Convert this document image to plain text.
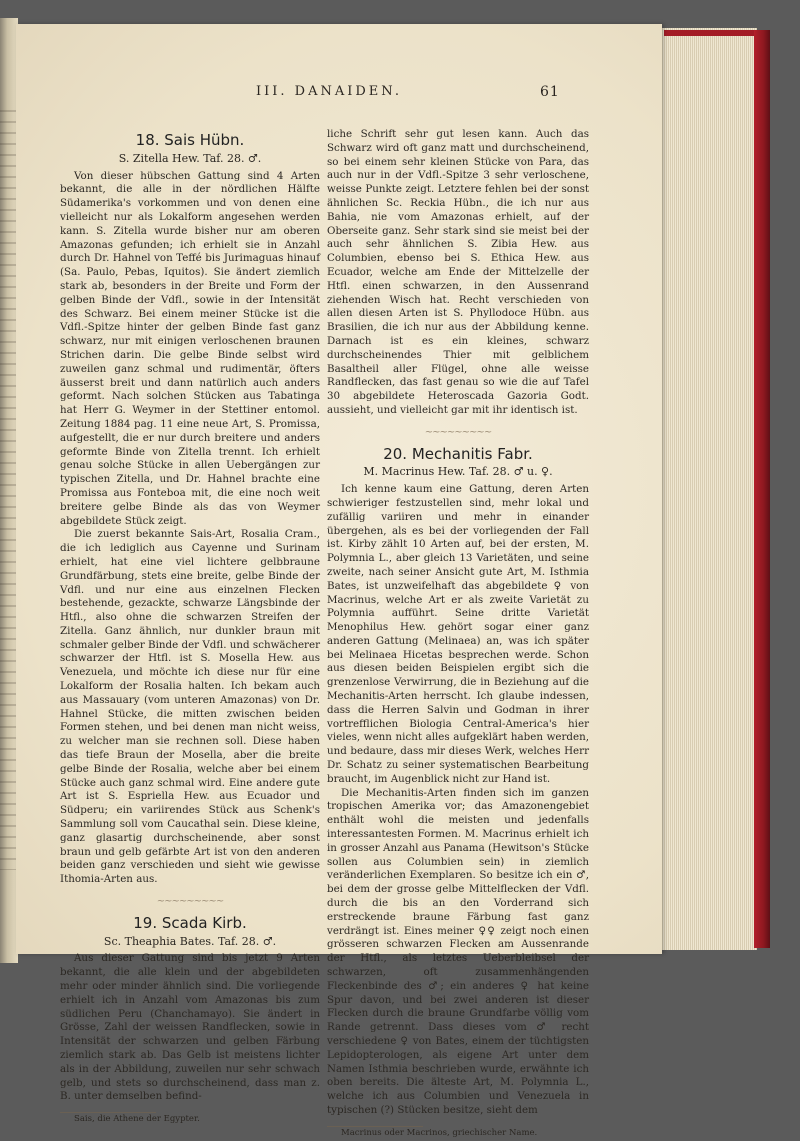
III. DANAIDEN.	61
18. Sais Hübn.
S. Zitella Hew. Taf. 28. ♂.

Von dieser hübschen Gattung sind 4 Arten bekannt, die alle in der nördlichen Hälfte Südamerika's vorkommen und von denen eine vielleicht nur als Lokalform angesehen werden kann. S. Zitella wurde bisher nur am oberen Amazonas gefunden; ich erhielt sie in Anzahl durch Dr. Hahnel von Teffé bis Jurimaguas hinauf (Sa. Paulo, Pebas, Iquitos). Sie ändert ziemlich stark ab, besonders in der Breite und Form der gelben Binde der Vdfl., sowie in der Intensität des Schwarz. Bei einem meiner Stücke ist die Vdfl.-Spitze hinter der gelben Binde fast ganz schwarz, nur mit einigen verloschenen braunen Strichen darin. Die gelbe Binde selbst wird zuweilen ganz schmal und rudimentär, öfters äusserst breit und dann natürlich auch anders geformt. Nach solchen Stücken aus Tabatinga hat Herr G. Weymer in der Stettiner entomol. Zeitung 1884 pag. 11 eine neue Art, S. Promissa, aufgestellt, die er nur durch breitere und anders geformte Binde von Zitella trennt. Ich erhielt genau solche Stücke in allen Uebergängen zur typischen Zitella, und Dr. Hahnel brachte eine Promissa aus Fonteboa mit, die eine noch weit breitere gelbe Binde als das von Weymer abgebildete Stück zeigt.

Die zuerst bekannte Sais-Art, Rosalia Cram., die ich lediglich aus Cayenne und Surinam erhielt, hat eine viel lichtere gelbbraune Grundfärbung, stets eine breite, gelbe Binde der Vdfl. und nur eine aus einzelnen Flecken bestehende, gezackte, schwarze Längsbinde der Htfl., also ohne die schwarzen Streifen der Zitella. Ganz ähnlich, nur dunkler braun mit schmaler gelber Binde der Vdfl. und schwächerer schwarzer der Htfl. ist S. Mosella Hew. aus Venezuela, und möchte ich diese nur für eine Lokalform der Rosalia halten. Ich bekam auch aus Massauary (vom unteren Amazonas) von Dr. Hahnel Stücke, die mitten zwischen beiden Formen stehen, und bei denen man nicht weiss, zu welcher man sie rechnen soll. Diese haben das tiefe Braun der Mosella, aber die breite gelbe Binde der Rosalia, welche aber bei einem Stücke auch ganz schmal wird. Eine andere gute Art ist S. Espriella Hew. aus Ecuador und Südperu; ein variirendes Stück aus Schenk's Sammlung soll vom Caucathal sein. Diese kleine, ganz glasartig durchscheinende, aber sonst braun und gelb gefärbte Art ist von den anderen beiden ganz verschieden und sieht wie gewisse Ithomia-Arten aus.

~~~~~~~~~
19. Scada Kirb.
Sc. Theaphia Bates. Taf. 28. ♂.

Aus dieser Gattung sind bis jetzt 9 Arten bekannt, die alle klein und der abgebildeten mehr oder minder ähnlich sind. Die vorliegende erhielt ich in Anzahl vom Amazonas bis zum südlichen Peru (Chanchamayo). Sie ändert in Grösse, Zahl der weissen Randflecken, sowie in Intensität der schwarzen und gelben Färbung ziemlich stark ab. Das Gelb ist meistens lichter als in der Abbildung, zuweilen nur sehr schwach gelb, und stets so durchscheinend, dass man z. B. unter demselben befind-

Sais, die Athene der Egypter.

liche Schrift sehr gut lesen kann. Auch das Schwarz wird oft ganz matt und durchscheinend, so bei einem sehr kleinen Stücke von Para, das auch nur in der Vdfl.-Spitze 3 sehr verloschene, weisse Punkte zeigt. Letztere fehlen bei der sonst ähnlichen Sc. Reckia Hübn., die ich nur aus Bahia, nie vom Amazonas erhielt, auf der Oberseite ganz. Sehr stark sind sie meist bei der auch sehr ähnlichen S. Zibia Hew. aus Columbien, ebenso bei S. Ethica Hew. aus Ecuador, welche am Ende der Mittelzelle der Htfl. einen schwarzen, in den Aussenrand ziehenden Wisch hat. Recht verschieden von allen diesen Arten ist S. Phyllodoce Hübn. aus Brasilien, die ich nur aus der Abbildung kenne. Darnach ist es ein kleines, schwarz durchscheinendes Thier mit gelblichem Basaltheil aller Flügel, ohne alle weisse Randflecken, das fast genau so wie die auf Tafel 30 abgebildete Heteroscada Gazoria Godt. aussieht, und vielleicht gar mit ihr identisch ist.

~~~~~~~~~
20. Mechanitis Fabr.
M. Macrinus Hew. Taf. 28. ♂ u. ♀.

Ich kenne kaum eine Gattung, deren Arten schwieriger festzustellen sind, mehr lokal und zufällig variiren und mehr in einander übergehen, als es bei der vorliegenden der Fall ist. Kirby zählt 10 Arten auf, bei der ersten, M. Polymnia L., aber gleich 13 Varietäten, und seine zweite, nach seiner Ansicht gute Art, M. Isthmia Bates, ist unzweifelhaft das abgebildete ♀ von Macrinus, welche Art er als zweite Varietät zu Polymnia aufführt. Seine dritte Varietät Menophilus Hew. gehört sogar einer ganz anderen Gattung (Melinaea) an, was ich später bei Melinaea Hicetas besprechen werde. Schon aus diesen beiden Beispielen ergibt sich die grenzenlose Verwirrung, die in Beziehung auf die Mechanitis-Arten herrscht. Ich glaube indessen, dass die Herren Salvin und Godman in ihrer vortrefflichen Biologia Central-America's hier vieles, wenn nicht alles aufgeklärt haben werden, und bedaure, dass mir dieses Werk, welches Herr Dr. Schatz zu seiner systematischen Bearbeitung braucht, im Augenblick nicht zur Hand ist.

Die Mechanitis-Arten finden sich im ganzen tropischen Amerika vor; das Amazonengebiet enthält wohl die meisten und jedenfalls interessantesten Formen. M. Macrinus erhielt ich in grosser Anzahl aus Panama (Hewitson's Stücke sollen aus Columbien sein) in ziemlich veränderlichen Exemplaren. So besitze ich ein ♂, bei dem der grosse gelbe Mittelflecken der Vdfl. durch die bis an den Vorderrand sich erstreckende braune Färbung fast ganz verdrängt ist. Eines meiner ♀♀ zeigt noch einen grösseren schwarzen Flecken am Aussenrande der Htfl., als letztes Ueberbleibsel der schwarzen, oft zusammenhängenden Fleckenbinde des ♂; ein anderes ♀ hat keine Spur davon, und bei zwei anderen ist dieser Flecken durch die braune Grundfarbe völlig vom Rande getrennt. Dass dieses vom ♂ recht verschiedene ♀ von Bates, einem der tüchtigsten Lepidopterologen, als eigene Art unter dem Namen Isthmia beschrieben wurde, erwähnte ich oben bereits. Die älteste Art, M. Polymnia L., welche ich aus Columbien und Venezuela in typischen (?) Stücken besitze, sieht dem

Macrinus oder Macrinos, griechischer Name.
